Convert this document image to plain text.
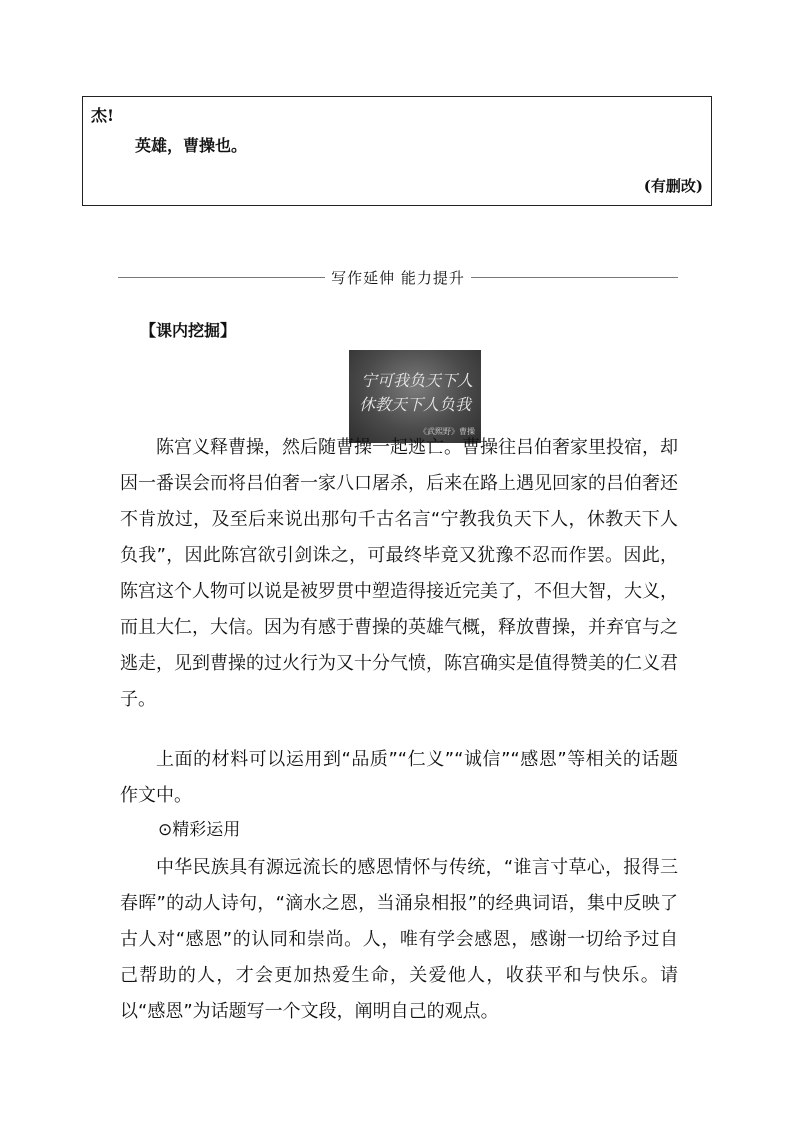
杰!
英雄，曹操也。
(有删改)
写作延伸 能力提升
【课内挖掘】
宁可我负天下人
休教天下人负我
《武熙野》曹操

陈宫义释曹操，然后随曹操一起逃亡。曹操往吕伯奢家里投宿，却因一番误会而将吕伯奢一家八口屠杀，后来在路上遇见回家的吕伯奢还不肯放过，及至后来说出那句千古名言“宁教我负天下人，休教天下人负我”，因此陈宫欲引剑诛之，可最终毕竟又犹豫不忍而作罢。因此，陈宫这个人物可以说是被罗贯中塑造得接近完美了，不但大智，大义，而且大仁，大信。因为有感于曹操的英雄气概，释放曹操，并弃官与之逃走，见到曹操的过火行为又十分气愤，陈宫确实是值得赞美的仁义君子。

上面的材料可以运用到“品质”“仁义”“诚信”“感恩”等相关的话题作文中。

⊙精彩运用

中华民族具有源远流长的感恩情怀与传统，“谁言寸草心，报得三春晖”的动人诗句，“滴水之恩，当涌泉相报”的经典词语，集中反映了古人对“感恩”的认同和崇尚。人，唯有学会感恩，感谢一切给予过自己帮助的人，才会更加热爱生命，关爱他人，收获平和与快乐。请以“感恩”为话题写一个文段，阐明自己的观点。
